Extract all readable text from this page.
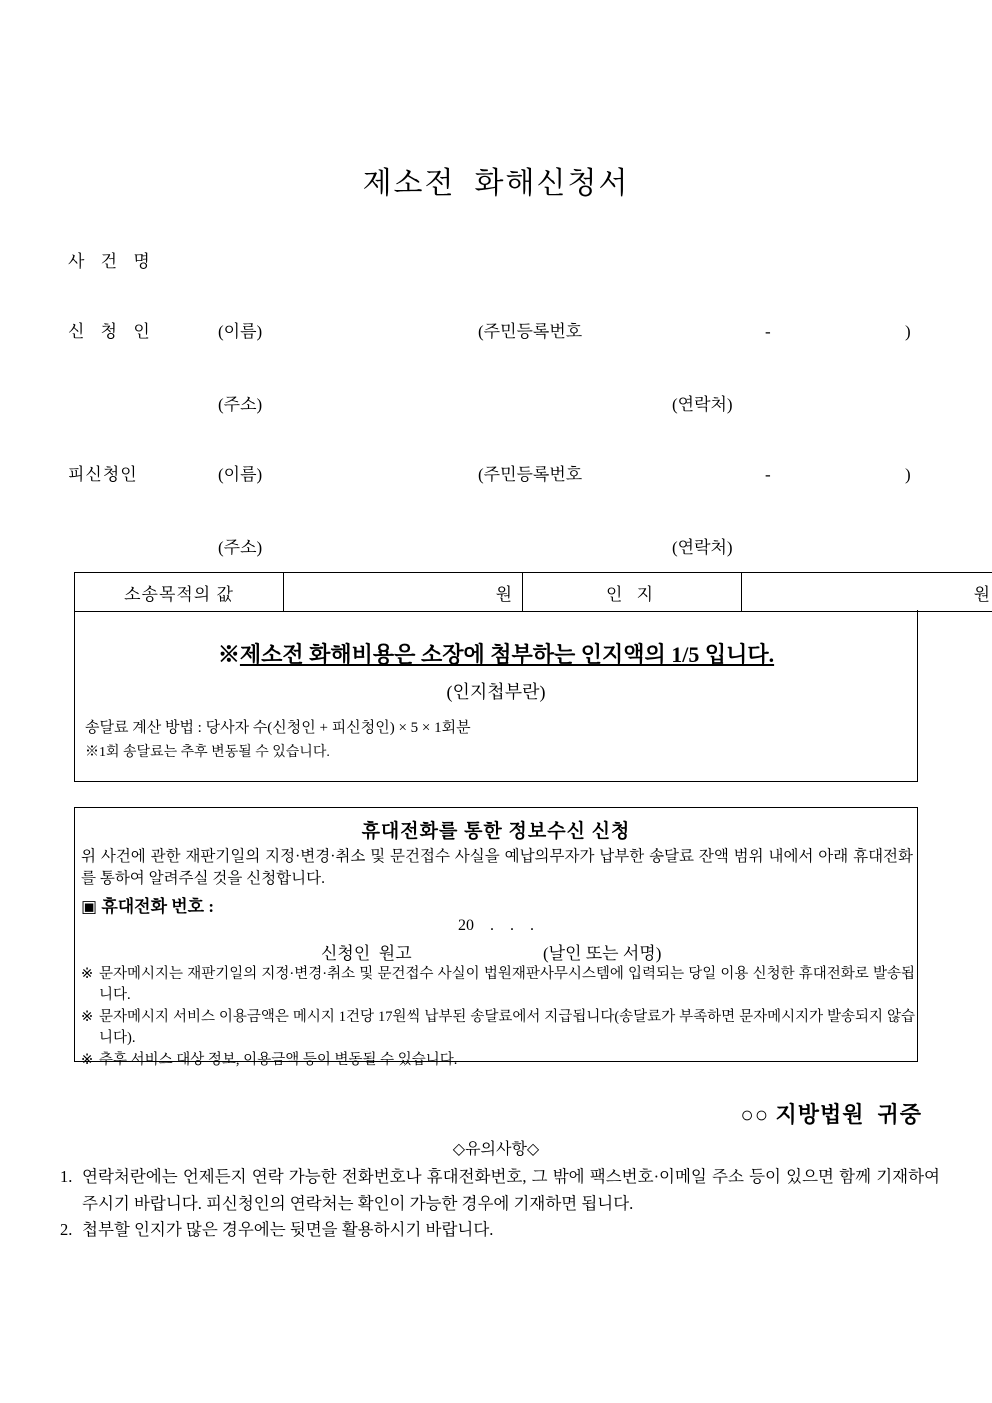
제소전  화해신청서
사 건 명
신 청 인	(이름)	(주민등록번호	-	)
(주소)	(연락처)
피신청인	(이름)	(주민등록번호	-	)
(주소)	(연락처)
소송목적의 값	원	인 지	원
※제소전 화해비용은 소장에 첨부하는 인지액의 1/5 입니다.
(인지첩부란)
송달료 계산 방법 : 당사자 수(신청인 + 피신청인) × 5 × 1회분
※1회 송달료는 추후 변동될 수 있습니다.
휴대전화를 통한 정보수신 신청
위 사건에 관한 재판기일의 지정·변경·취소 및 문건접수 사실을 예납의무자가 납부한 송달료 잔액 범위 내에서 아래 휴대전화를 통하여 알려주실 것을 신청합니다.
▣ 휴대전화 번호 :
20    .    .    .
신청인  원고	(날인 또는 서명)
※ 문자메시지는 재판기일의 지정·변경·취소 및 문건접수 사실이 법원재판사무시스템에 입력되는 당일 이용 신청한 휴대전화로 발송됩니다.
※ 문자메시지 서비스 이용금액은 메시지 1건당 17원씩 납부된 송달료에서 지급됩니다(송달료가 부족하면 문자메시지가 발송되지 않습니다).
※ 추후 서비스 대상 정보, 이용금액 등이 변동될 수 있습니다.
○○ 지방법원  귀중
◇유의사항◇
1. 연락처란에는 언제든지 연락 가능한 전화번호나 휴대전화번호, 그 밖에 팩스번호·이메일 주소 등이 있으면 함께 기재하여 주시기 바랍니다. 피신청인의 연락처는 확인이 가능한 경우에 기재하면 됩니다.
2. 첩부할 인지가 많은 경우에는 뒷면을 활용하시기 바랍니다.
